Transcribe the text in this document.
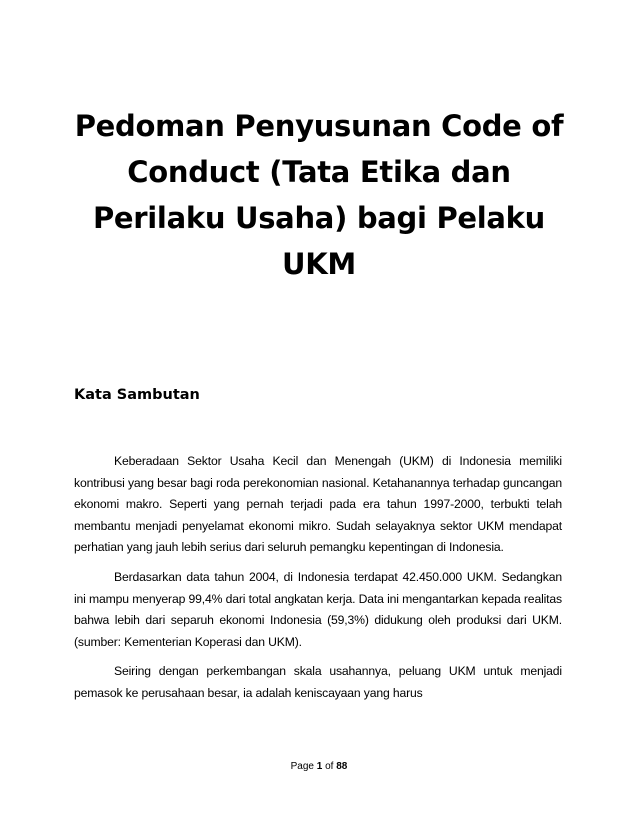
Pedoman Penyusunan Code of Conduct (Tata Etika dan Perilaku Usaha) bagi Pelaku UKM
Kata Sambutan

Keberadaan Sektor Usaha Kecil dan Menengah (UKM) di Indonesia memiliki kontribusi yang besar bagi roda perekonomian nasional. Ketahanannya terhadap guncangan ekonomi makro. Seperti yang pernah terjadi pada era tahun 1997-2000, terbukti telah membantu menjadi penyelamat ekonomi mikro. Sudah selayaknya sektor UKM mendapat perhatian yang jauh lebih serius dari seluruh pemangku kepentingan di Indonesia.

Berdasarkan data tahun 2004, di Indonesia terdapat 42.450.000 UKM. Sedangkan ini mampu menyerap 99,4% dari total angkatan kerja. Data ini mengantarkan kepada realitas bahwa lebih dari separuh ekonomi Indonesia (59,3%) didukung oleh produksi dari UKM. (sumber: Kementerian Koperasi dan UKM).

Seiring dengan perkembangan skala usahannya, peluang UKM untuk menjadi pemasok ke perusahaan besar, ia adalah keniscayaan yang harus

Page 1 of 88
